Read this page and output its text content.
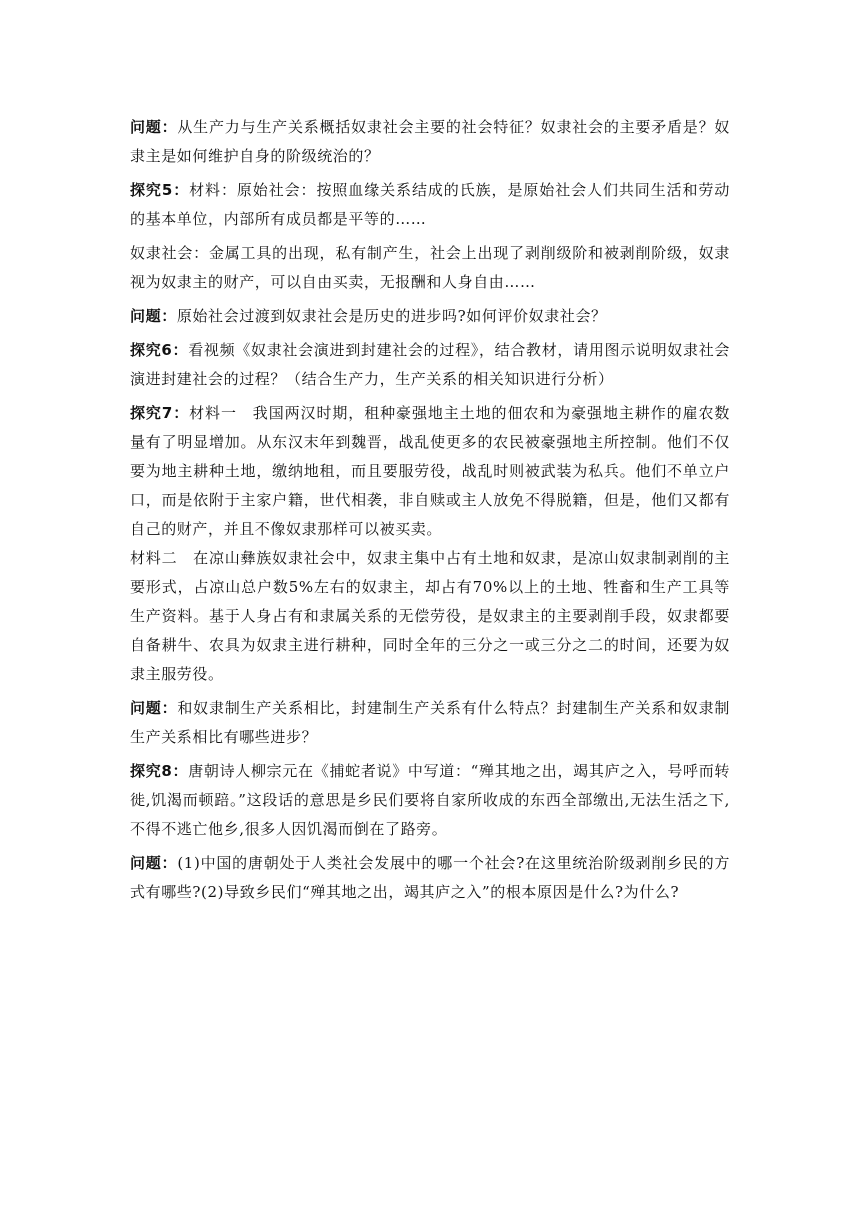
问题：从生产力与生产关系概括奴隶社会主要的社会特征？奴隶社会的主要矛盾是？奴隶主是如何维护自身的阶级统治的？

探究5：材料：原始社会：按照血缘关系结成的氏族，是原始社会人们共同生活和劳动的基本单位，内部所有成员都是平等的……

奴隶社会：金属工具的出现，私有制产生，社会上出现了剥削级阶和被剥削阶级，奴隶视为奴隶主的财产，可以自由买卖，无报酬和人身自由……

问题：原始社会过渡到奴隶社会是历史的进步吗?如何评价奴隶社会？

探究6：看视频《奴隶社会演进到封建社会的过程》，结合教材，请用图示说明奴隶社会演进封建社会的过程？（结合生产力，生产关系的相关知识进行分析）

探究7：材料一　我国两汉时期，租种豪强地主土地的佃农和为豪强地主耕作的雇农数量有了明显增加。从东汉末年到魏晋，战乱使更多的农民被豪强地主所控制。他们不仅要为地主耕种土地，缴纳地租，而且要服劳役，战乱时则被武装为私兵。他们不单立户口，而是依附于主家户籍，世代相袭，非自赎或主人放免不得脱籍，但是，他们又都有自己的财产，并且不像奴隶那样可以被买卖。
材料二　在凉山彝族奴隶社会中，奴隶主集中占有土地和奴隶，是凉山奴隶制剥削的主要形式，占凉山总户数5%左右的奴隶主，却占有70%以上的土地、牲畜和生产工具等生产资料。基于人身占有和隶属关系的无偿劳役，是奴隶主的主要剥削手段，奴隶都要自备耕牛、农具为奴隶主进行耕种，同时全年的三分之一或三分之二的时间，还要为奴隶主服劳役。

问题：和奴隶制生产关系相比，封建制生产关系有什么特点？封建制生产关系和奴隶制生产关系相比有哪些进步？

探究8：唐朝诗人柳宗元在《捕蛇者说》中写道：“殚其地之出，竭其庐之入，号呼而转徙,饥渴而顿踣。”这段话的意思是乡民们要将自家所收成的东西全部缴出,无法生活之下,不得不逃亡他乡,很多人因饥渴而倒在了路旁。

问题：(1)中国的唐朝处于人类社会发展中的哪一个社会?在这里统治阶级剥削乡民的方式有哪些?(2)导致乡民们“殚其地之出，竭其庐之入”的根本原因是什么?为什么?
